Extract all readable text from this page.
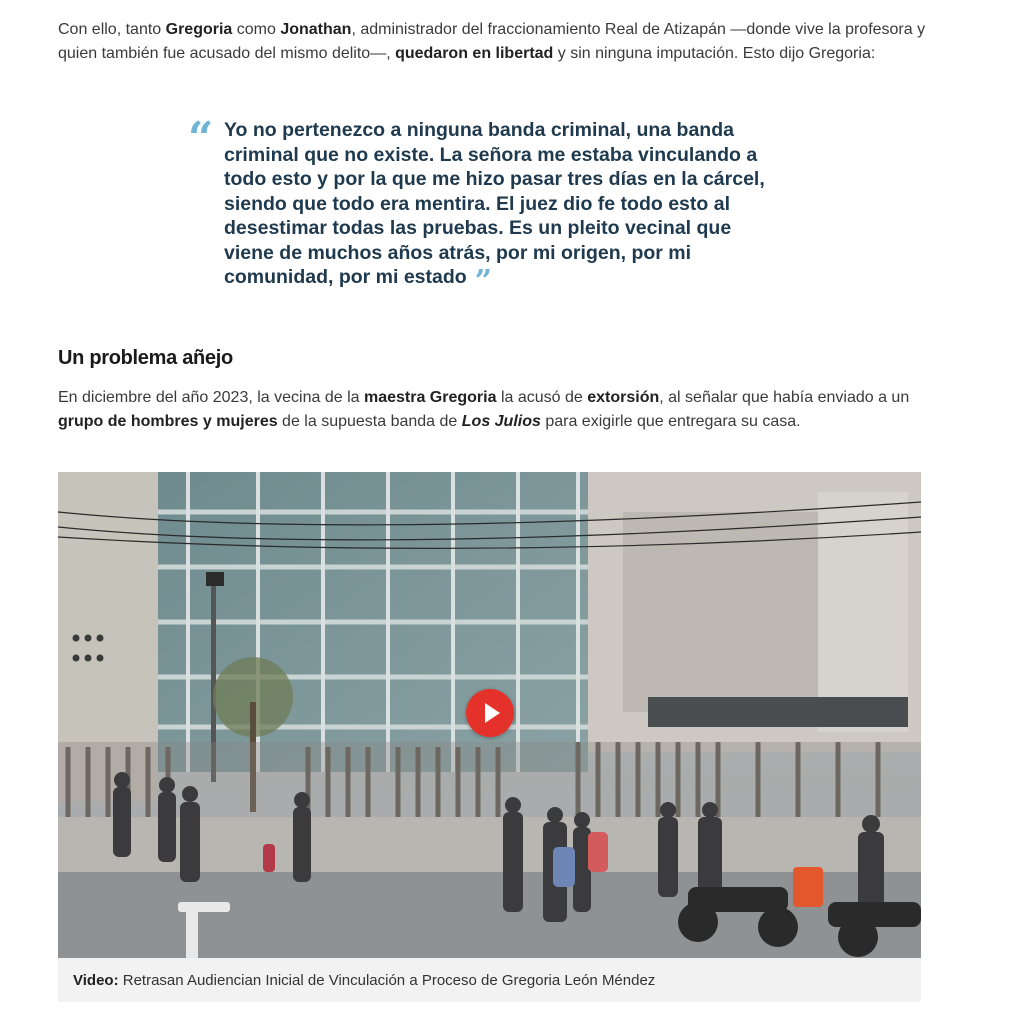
Con ello, tanto Gregoria como Jonathan, administrador del fraccionamiento Real de Atizapán —donde vive la profesora y quien también fue acusado del mismo delito—, quedaron en libertad y sin ninguna imputación. Esto dijo Gregoria:

“ Yo no pertenezco a ninguna banda criminal, una banda criminal que no existe. La señora me estaba vinculando a todo esto y por la que me hizo pasar tres días en la cárcel, siendo que todo era mentira. El juez dio fe todo esto al desestimar todas las pruebas. Es un pleito vecinal que viene de muchos años atrás, por mi origen, por mi comunidad, por mi estado ”
Un problema añejo

En diciembre del año 2023, la vecina de la maestra Gregoria la acusó de extorsión, al señalar que había enviado a un grupo de hombres y mujeres de la supuesta banda de Los Julios para exigirle que entregara su casa.

Video: Retrasan Audiencian Inicial de Vinculación a Proceso de Gregoria León Méndez
